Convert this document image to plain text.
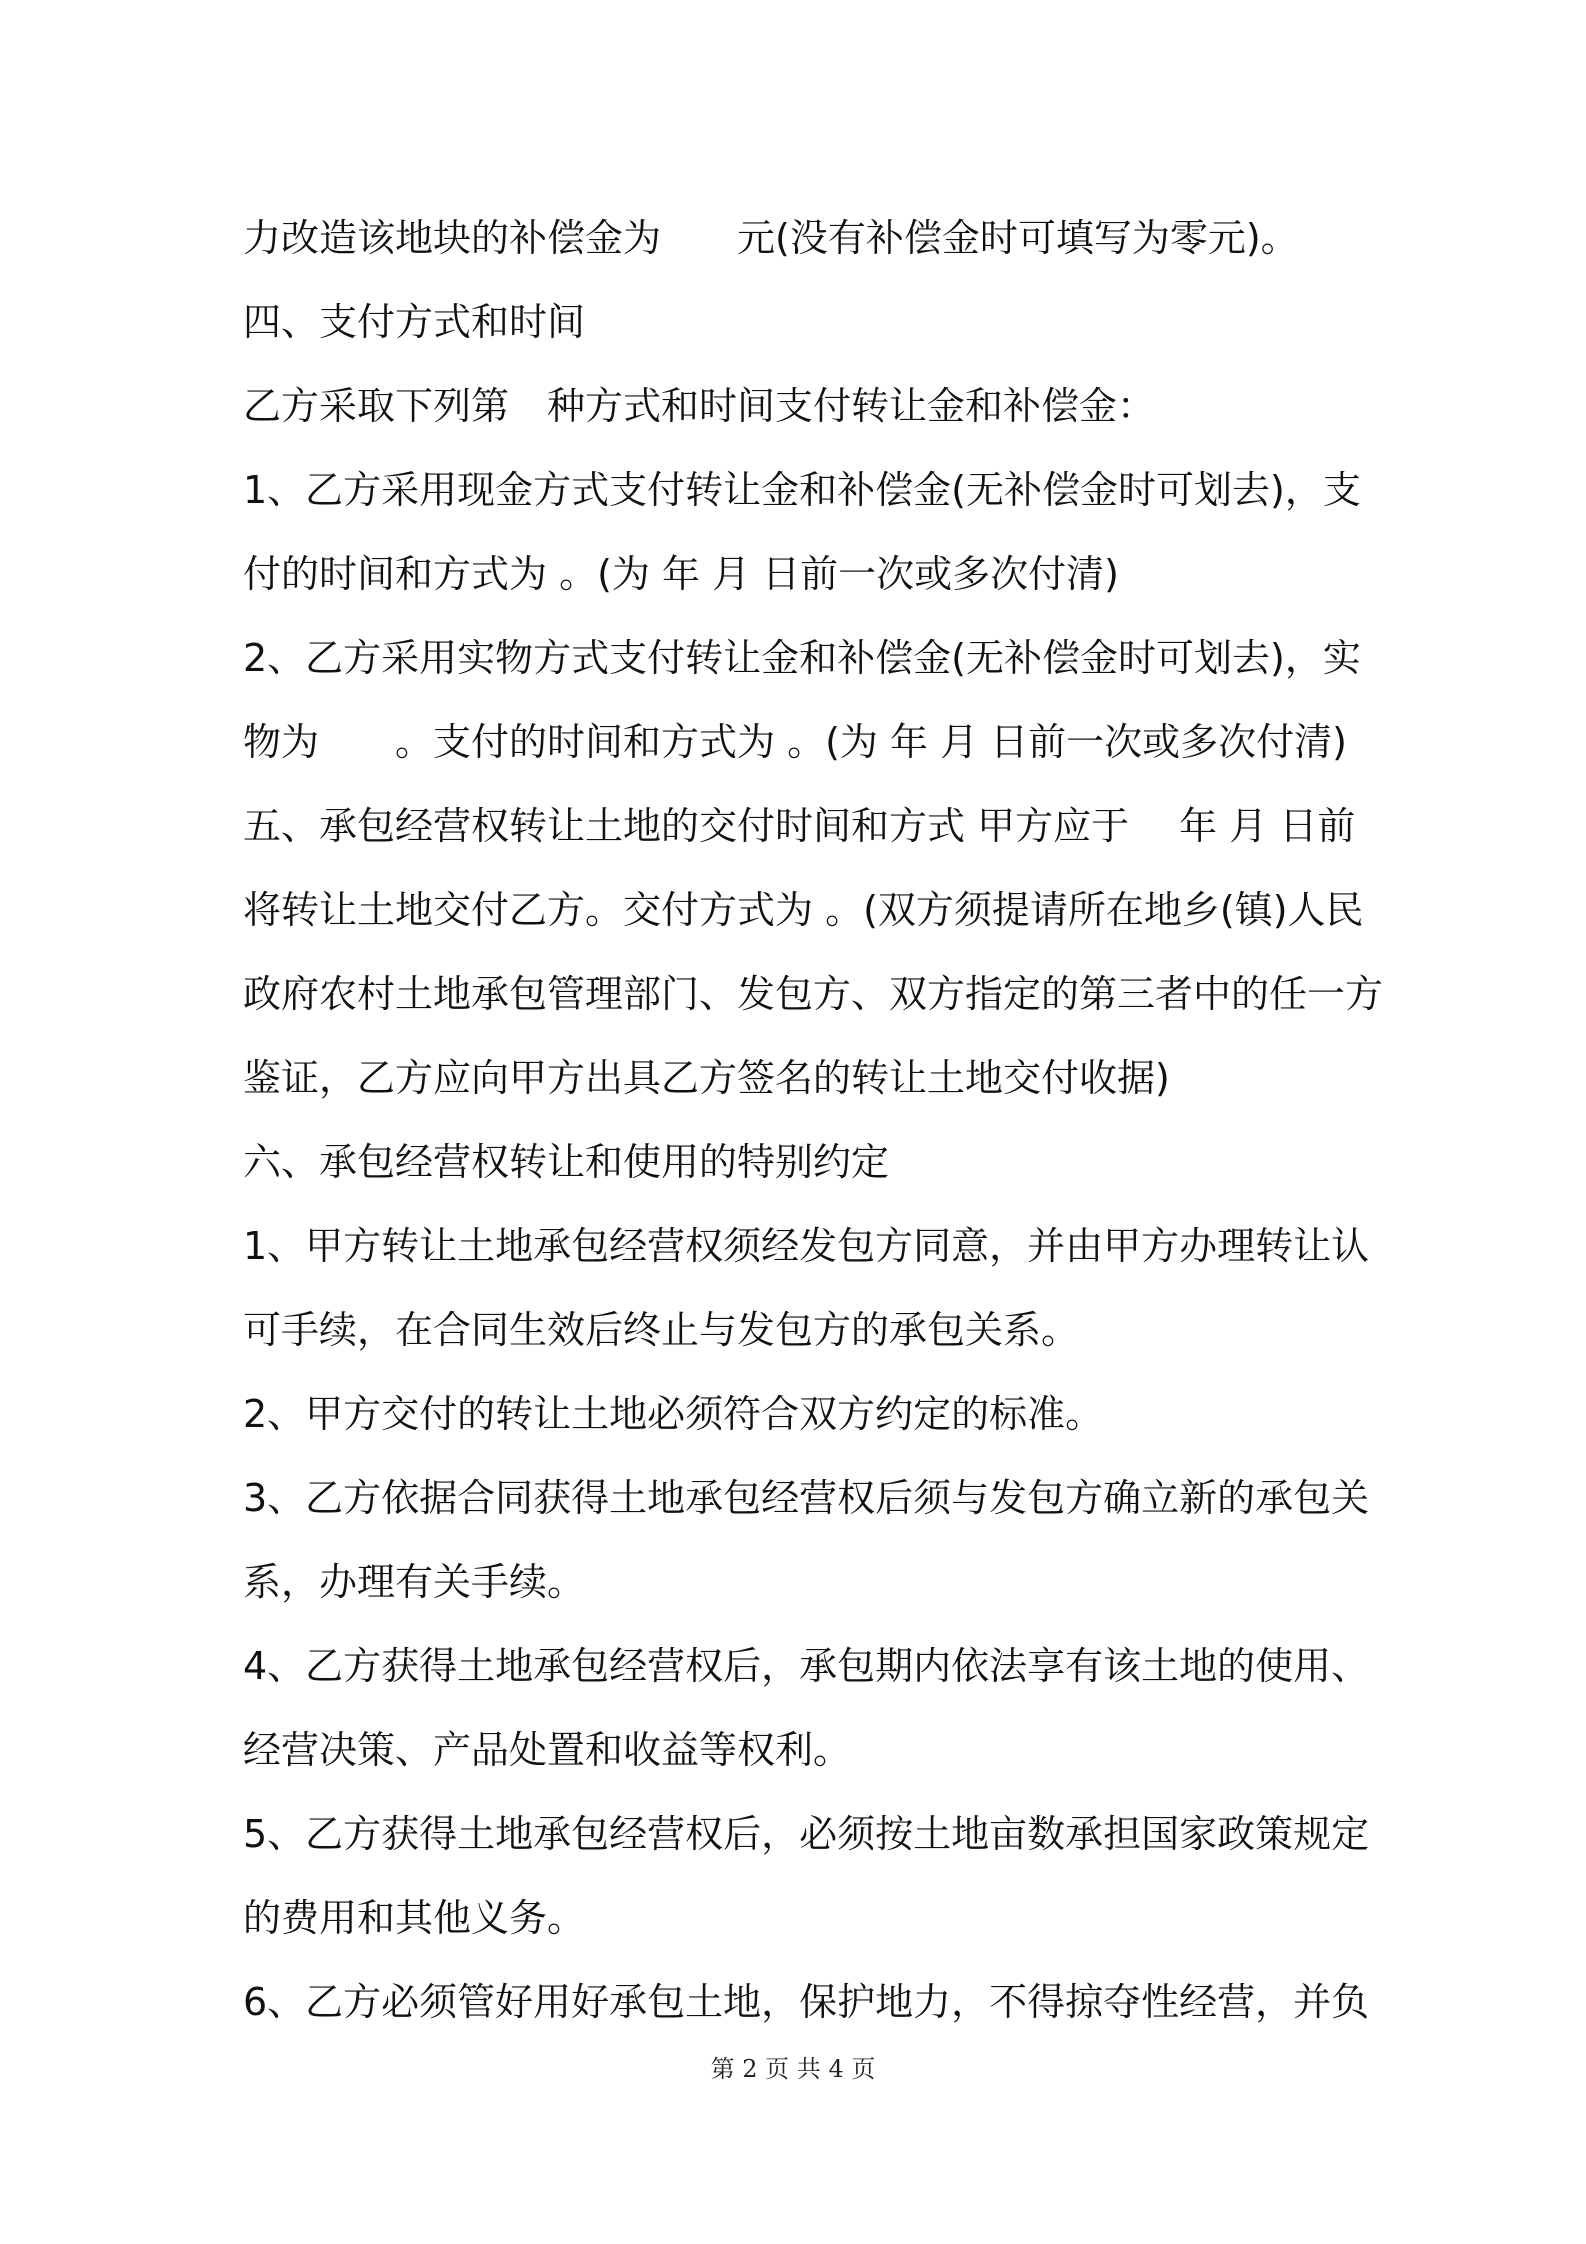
力改造该地块的补偿金为　　元(没有补偿金时可填写为零元)。
四、支付方式和时间
乙方采取下列第　种方式和时间支付转让金和补偿金：
1、乙方采用现金方式支付转让金和补偿金(无补偿金时可划去)，支
付的时间和方式为 。(为 年 月 日前一次或多次付清)
2、乙方采用实物方式支付转让金和补偿金(无补偿金时可划去)，实
物为　　。支付的时间和方式为 。(为 年 月 日前一次或多次付清)
五、承包经营权转让土地的交付时间和方式 甲方应于　 年 月 日前
将转让土地交付乙方。交付方式为 。(双方须提请所在地乡(镇)人民
政府农村土地承包管理部门、发包方、双方指定的第三者中的任一方
鉴证，乙方应向甲方出具乙方签名的转让土地交付收据)
六、承包经营权转让和使用的特别约定
1、甲方转让土地承包经营权须经发包方同意，并由甲方办理转让认
可手续，在合同生效后终止与发包方的承包关系。
2、甲方交付的转让土地必须符合双方约定的标准。
3、乙方依据合同获得土地承包经营权后须与发包方确立新的承包关
系，办理有关手续。
4、乙方获得土地承包经营权后，承包期内依法享有该土地的使用、
经营决策、产品处置和收益等权利。
5、乙方获得土地承包经营权后，必须按土地亩数承担国家政策规定
的费用和其他义务。
6、乙方必须管好用好承包土地，保护地力，不得掠夺性经营，并负
第 2 页 共 4 页
